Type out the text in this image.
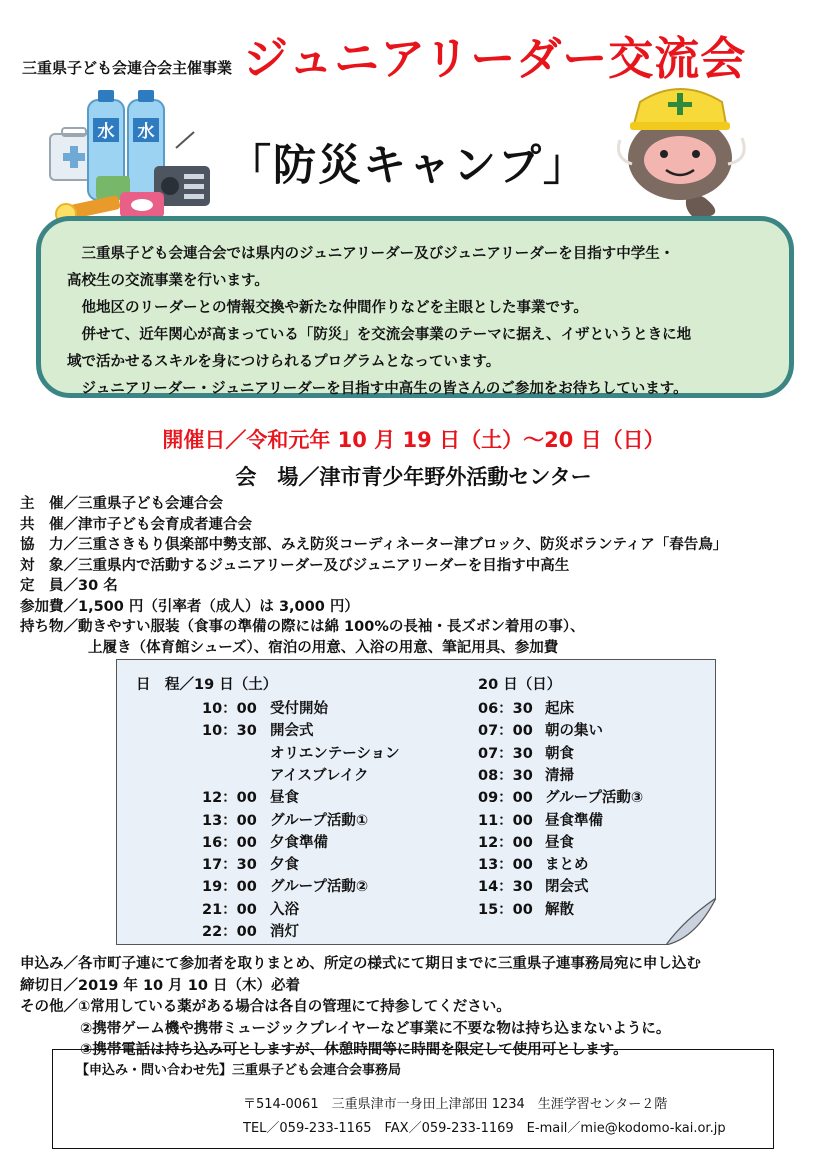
三重県子ども会連合会主催事業 ジュニアリーダー交流会
「防災キャンプ」
水 水

三重県子ども会連合会では県内のジュニアリーダー及びジュニアリーダーを目指す中学生・

高校生の交流事業を行います。

他地区のリーダーとの情報交換や新たな仲間作りなどを主眼とした事業です。

併せて、近年関心が高まっている「防災」を交流会事業のテーマに据え、イザというときに地

域で活かせるスキルを身につけられるプログラムとなっています。

ジュニアリーダー・ジュニアリーダーを目指す中高生の皆さんのご参加をお待ちしています。

開催日／令和元年 10 月 19 日（土）～20 日（日）
会　場／津市青少年野外活動センター
主　催／三重県子ども会連合会
共　催／津市子ども会育成者連合会
協　力／三重さきもり倶楽部中勢支部、みえ防災コーディネーター津ブロック、防災ボランティア「春告鳥」
対　象／三重県内で活動するジュニアリーダー及びジュニアリーダーを目指す中高生
定　員／30 名
参加費／1,500 円（引率者（成人）は 3,000 円）
持ち物／動きやすい服装（食事の準備の際には綿 100%の長袖・長ズボン着用の事）、
上履き（体育館シューズ）、宿泊の用意、入浴の用意、筆記用具、参加費
日　程／19 日（土）	20 日（日）
10：00 受付開始
10：30 開会式
オリエンテーション
アイスブレイク
12：00 昼食
13：00 グループ活動①
16：00 夕食準備
17：30 夕食
19：00 グループ活動②
21：00 入浴
22：00 消灯
06：30 起床
07：00 朝の集い
07：30 朝食
08：30 清掃
09：00 グループ活動③
11：00 昼食準備
12：00 昼食
13：00 まとめ
14：30 閉会式
15：00 解散
申込み／各市町子連にて参加者を取りまとめ、所定の様式にて期日までに三重県子連事務局宛に申し込む
締切日／2019 年 10 月 10 日（木）必着
その他／①常用している薬がある場合は各自の管理にて持参してください。
②携帯ゲーム機や携帯ミュージックプレイヤーなど事業に不要な物は持ち込まないように。
③携帯電話は持ち込み可としますが、休憩時間等に時間を限定して使用可とします。
【申込み・問い合わせ先】三重県子ども会連合会事務局
〒514-0061　三重県津市一身田上津部田 1234　生涯学習センター２階
TEL／059-233-1165　FAX／059-233-1169　E-mail／mie@kodomo-kai.or.jp
